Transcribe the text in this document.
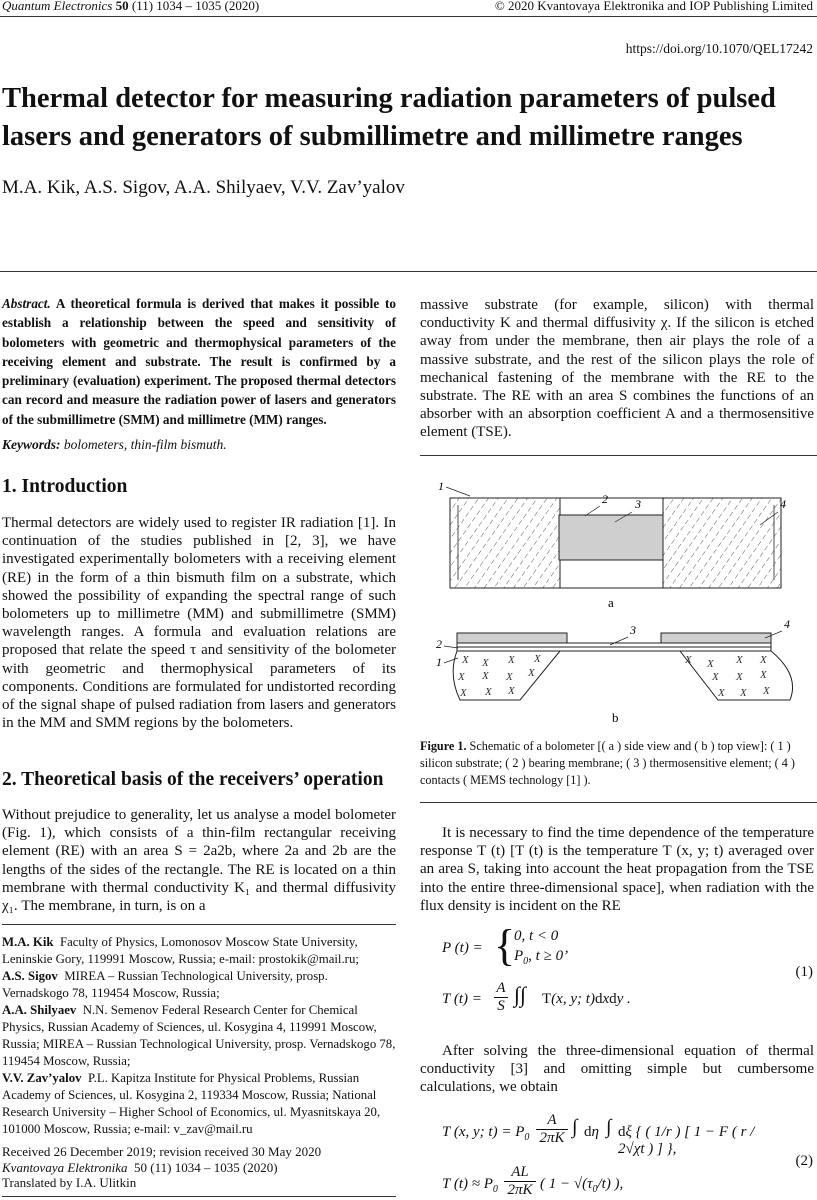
Quantum Electronics 50 (11) 1034 – 1035 (2020)	© 2020 Kvantovaya Elektronika and IOP Publishing Limited
https://doi.org/10.1070/QEL17242
Thermal detector for measuring radiation parameters of pulsed
lasers and generators of submillimetre and millimetre ranges
M.A. Kik, A.S. Sigov, A.A. Shilyaev, V.V. Zav’yalov
Abstract. A theoretical formula is derived that makes it possible to establish a relationship between the speed and sensitivity of bolometers with geometric and thermophysical parameters of the receiving element and substrate. The result is confirmed by a preliminary (evaluation) experiment. The proposed thermal detectors can record and measure the radiation power of lasers and generators of the submillimetre (SMM) and millimetre (MM) ranges.
Keywords: bolometers, thin-film bismuth.
1. Introduction
Thermal detectors are widely used to register IR radiation [1]. In continuation of the studies published in [2, 3], we have investigated experimentally bolometers with a receiving element (RE) in the form of a thin bismuth film on a substrate, which showed the possibility of expanding the spectral range of such bolometers up to millimetre (MM) and submillimetre (SMM) wavelength ranges. A formula and evaluation relations are proposed that relate the speed τ and sensitivity of the bolometer with geometric and thermophysical parameters of its components. Conditions are formulated for undistorted recording of the signal shape of pulsed radiation from lasers and generators in the MM and SMM regions by the bolometers.
2. Theoretical basis of the receivers’ operation
Without prejudice to generality, let us analyse a model bolometer (Fig. 1), which consists of a thin-film rectangular receiving element (RE) with an area S = 2a2b, where 2a and 2b are the lengths of the sides of the rectangle. The RE is located on a thin membrane with thermal conductivity K₁ and thermal diffusivity χ₁. The membrane, in turn, is on a
M.A. Kik Faculty of Physics, Lomonosov Moscow State University, Leninskie Gory, 119991 Moscow, Russia; e-mail: prostokik@mail.ru;
A.S. Sigov MIREA – Russian Technological University, prosp. Vernadskogo 78, 119454 Moscow, Russia;
A.A. Shilyaev N.N. Semenov Federal Research Center for Chemical Physics, Russian Academy of Sciences, ul. Kosygina 4, 119991 Moscow, Russia; MIREA – Russian Technological University, prosp. Vernadskogo 78, 119454 Moscow, Russia;
V.V. Zav’yalov P.L. Kapitza Institute for Physical Problems, Russian Academy of Sciences, ul. Kosygina 2, 119334 Moscow, Russia; National Research University – Higher School of Economics, ul. Myasnitskaya 20, 101000 Moscow, Russia; e-mail: v_zav@mail.ru
Received 26 December 2019; revision received 30 May 2020
Kvantovaya Elektronika 50 (11) 1034 – 1035 (2020)
Translated by I.A. Ulitkin
massive substrate (for example, silicon) with thermal conductivity K and thermal diffusivity χ. If the silicon is etched away from under the membrane, then air plays the role of a massive substrate, and the rest of the silicon plays the role of mechanical fastening of the membrane with the RE to the substrate. The RE with an area S combines the functions of an absorber with an absorption coefficient A and a thermosensitive element (TSE).
1
2 3	4
a
X X X X
X X X X
X X X
X X X X
X X X
X X X
2
1
3	4
b
Figure 1. Schematic of a bolometer [( a ) side view and ( b ) top view]: ( 1 ) silicon substrate; ( 2 ) bearing membrane; ( 3 ) thermosensitive element; ( 4 ) contacts ( MEMS technology [1] ).
It is necessary to find the time dependence of the temperature response T (t) [T (t) is the temperature T (x, y; t) averaged over an area S, taking into account the heat propagation from the TSE into the entire three-dimensional space], when radiation with the flux density is incident on the RE
P (t) = {
0, t < 0
$P_0$, t ≥ 0’
T (t) =
A
S ∫∫ T(x, y; t)dxdy .
(1)
After solving the three-dimensional equation of thermal conductivity [3] and omitting simple but cumbersome calculations, we obtain
T (x, y; $t) = P_0$
A
2πK ∫ dη ∫ dξ { ( 1/r ) [ 1 − F ( r / 2√χt ) ] },
T $(t) \approx P_0$
AL
2πK ( $1 - √(\tau_0/t)$ ),
(2)
